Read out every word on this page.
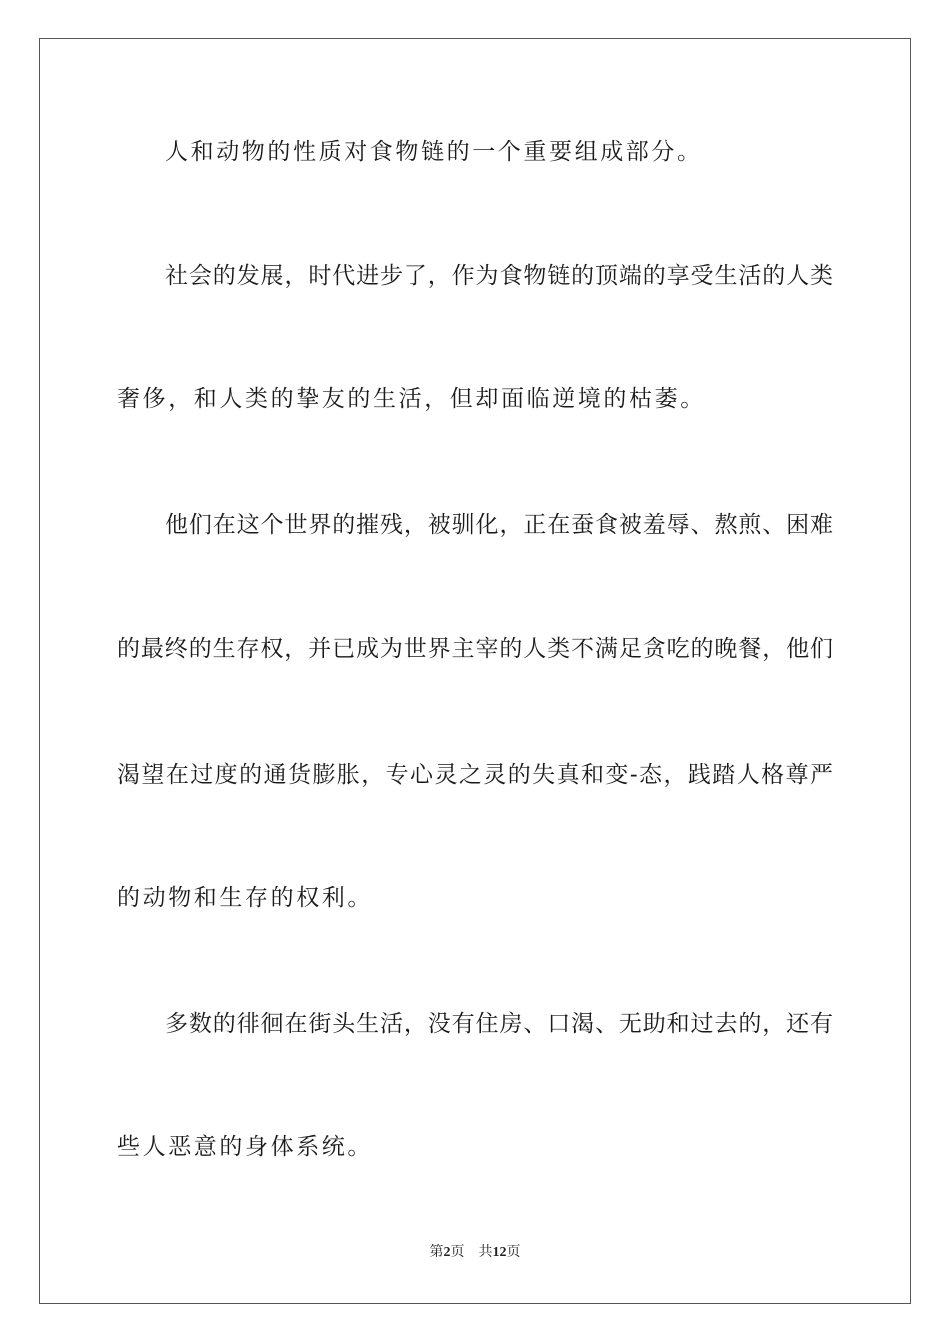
人和动物的性质对食物链的一个重要组成部分。
社会的发展，时代进步了，作为食物链的顶端的享受生活的人类
奢侈，和人类的挚友的生活，但却面临逆境的枯萎。
他们在这个世界的摧残，被驯化，正在蚕食被羞辱、熬煎、困难
的最终的生存权，并已成为世界主宰的人类不满足贪吃的晚餐，他们
渴望在过度的通货膨胀，专心灵之灵的失真和变-态，践踏人格尊严
的动物和生存的权利。
多数的徘徊在街头生活，没有住房、口渴、无助和过去的，还有
些人恶意的身体系统。
第2页 共12页
